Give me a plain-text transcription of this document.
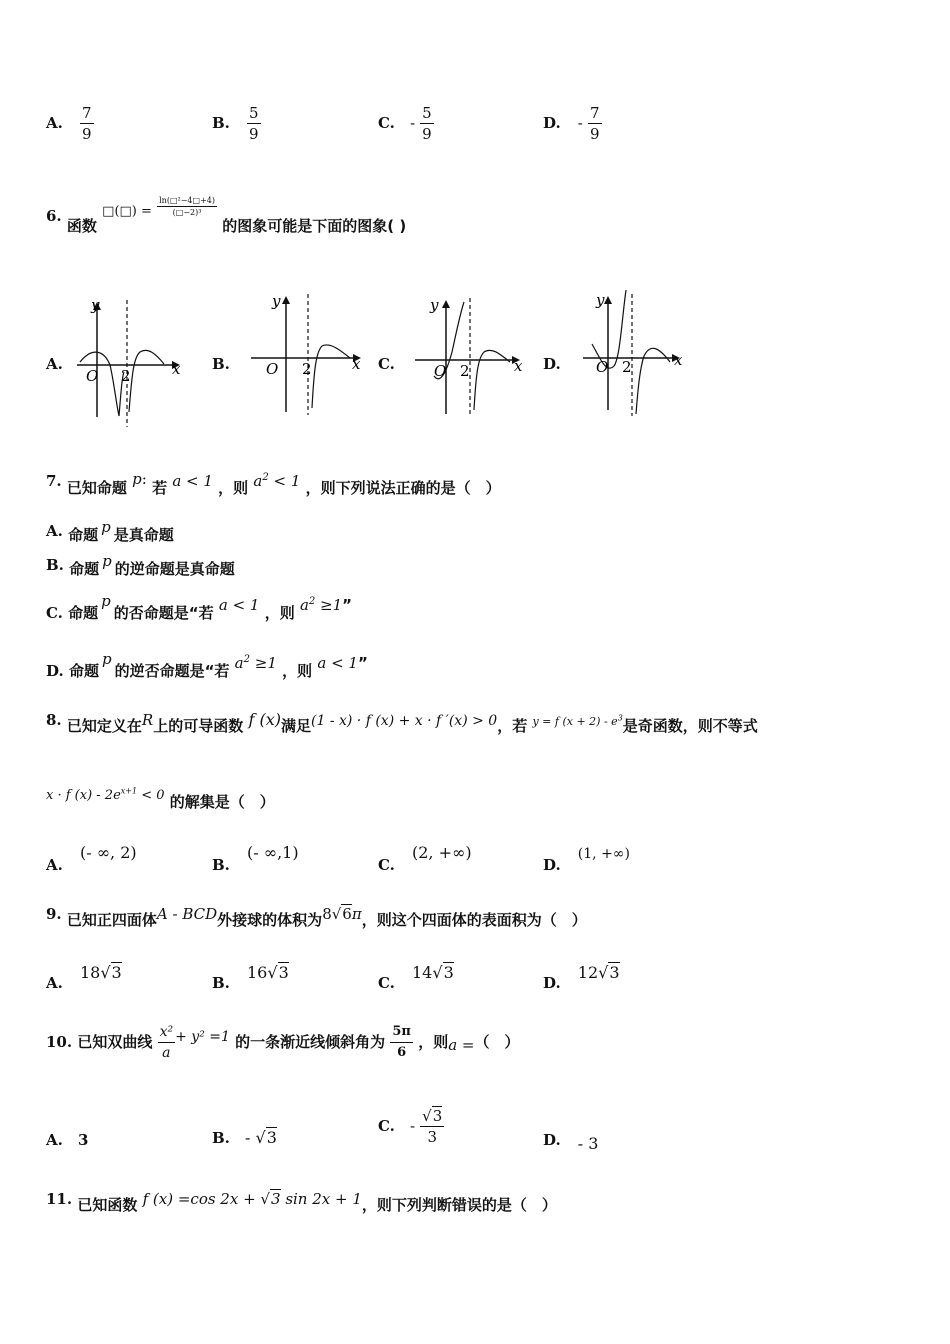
A. $\frac{7}{9}$	B. $\frac{5}{9}$	C. - $\frac{5}{9}$	D. - $\frac{7}{9}$
6. 函数 □(□) = $\frac{\text{ln(□²−4□+4)}}{\text{(□−2)³}}$
的图象可能是下面的图象( )
A.	B.	C.	D.
y
x
O 2
y
x
O 2
y
x
O 2
y
x
O 2
7. 已知命题 p: 若 a < 1 ，则 $a^2 < 1$ ，则下列说法正确的是（　）
A. 命题 p 是真命题
B. 命题 p 的逆命题是真命题
C. 命题p的否命题是“若 a < 1 ，则 $a^2 \ge 1$”
D. 命题p的逆否命题是“若 $a^2 \ge 1$ ，则 a < 1”
8. 已知定义在R上的可导函数 f (x)满足(1 - x) · f (x) + x · f ′(x) > 0，若 y = f $(x + 2) - e^3$是奇函数，则不等式
x · f $(x) - 2e^{x+1} < 0$ 的解集是（　）
A. (- ∞, 2)
B. (- ∞,1)
C. (2, +∞)
D. (1, +∞)
9. 已知正四面体A - BCD外接球的体积为8√6π，则这个四面体的表面积为（　）
A. 18√3
B. 16√3
C. 14√3
D. 12√3
10. 已知双曲线 $\frac{\text{x²}}{a} + y^2 =1$ 的一条渐近线倾斜角为 $\frac{5\pi}{6}$ ，则a =（　）
A. 3	B. - √3
C. - $\frac{√3}{3}$	D. - 3
11. 已知函数 f (x) =cos 2x + √3 sin 2x + 1，则下列判断错误的是（　）
